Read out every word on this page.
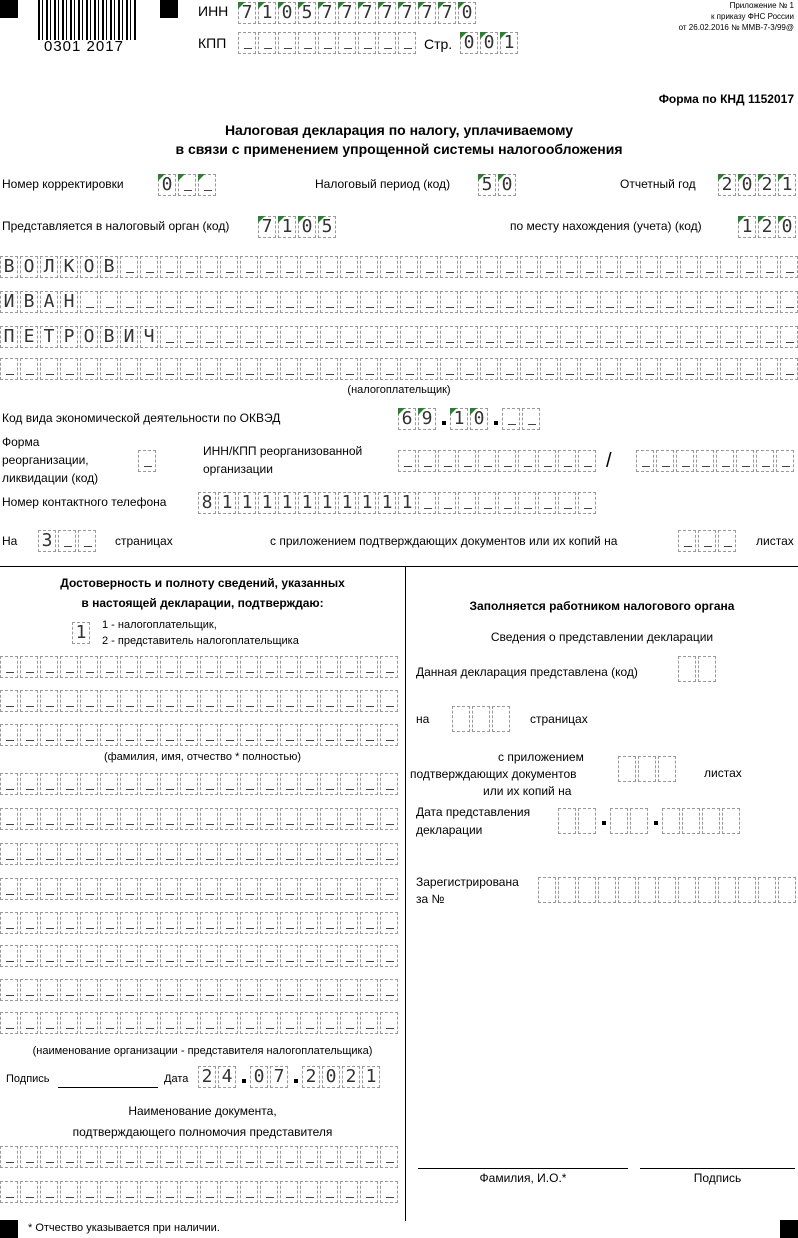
0301 2017
ИНН 7 1 0 5 7 7 7 7 7 7 7 0
КПП	Стр. 0 0 1
Приложение № 1
к приказу ФНС России
от 26.02.2016 № ММВ-7-3/99@
Форма по КНД 1152017
Налоговая декларация по налогу, уплачиваемому
в связи с применением упрощенной системы налогообложения
Номер корректировки 0	Налоговый период (код) 5 0	Отчетный год 2 0 2 1
Представляется в налоговый орган (код) 7 1 0 5	по месту нахождения (учета) (код) 1 2 0
В О Л К О В
И В А Н
П Е Т Р О В И Ч
(налогоплательщик)
Код вида экономической деятельности по ОКВЭД	6 9 1 0
Форма
реорганизации,
ликвидации (код)
ИНН/КПП реорганизованной
организации	/
Номер контактного телефона 8 1 1 1 1 1 1 1 1 1 1
На 3	страницах	с приложением подтверждающих документов или их копий на	листах
Достоверность и полноту сведений, указанных
в настоящей декларации, подтверждаю:
1	1 - налогоплательщик,
2 - представитель налогоплательщика
(фамилия, имя, отчество * полностью)
(наименование организации - представителя налогоплательщика)
Подпись	Дата 2 4 0 7 2 0 2 1
Наименование документа,
подтверждающего полномочия представителя
* Отчество указывается при наличии.
Заполняется работником налогового органа
Сведения о представлении декларации
Данная декларация представлена (код)
на	страницах
с приложением
подтверждающих документов
или их копий на
листах
Дата представления
декларации
Зарегистрирована
за №
Фамилия, И.О.*	Подпись
